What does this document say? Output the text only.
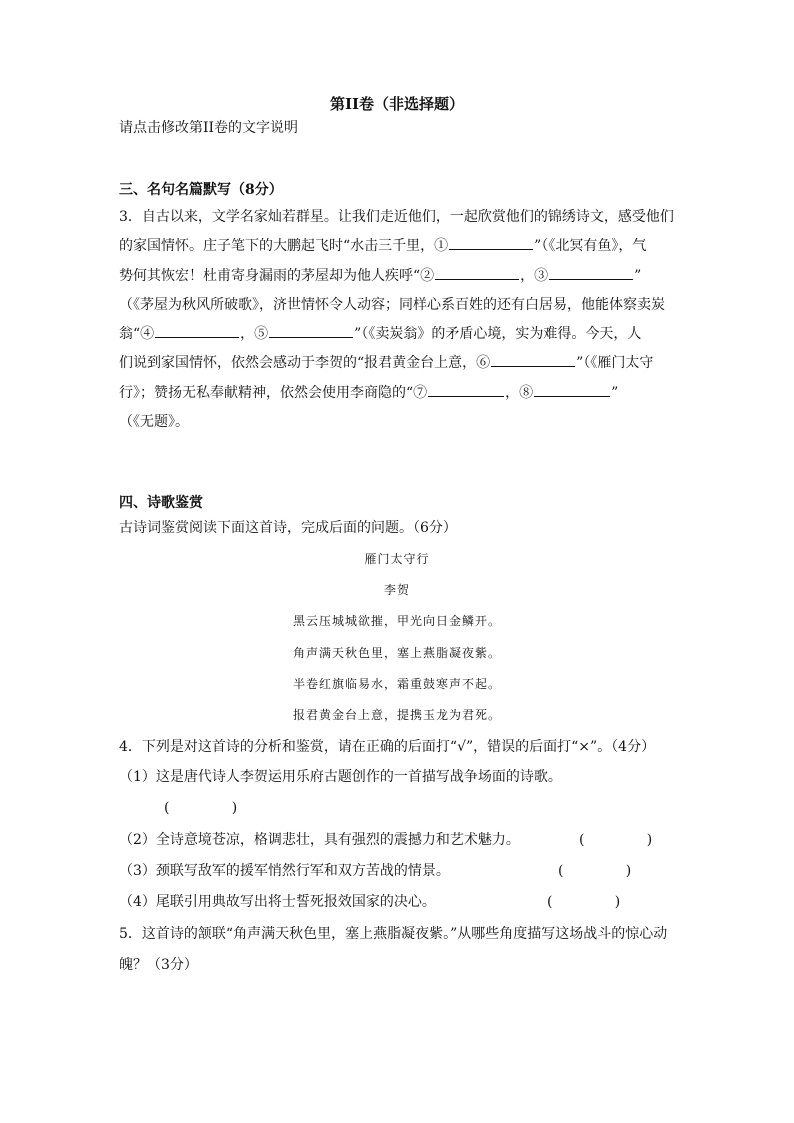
第II卷（非选择题）
请点击修改第II卷的文字说明
三、名句名篇默写（8分）
3．自古以来，文学名家灿若群星。让我们走近他们，一起欣赏他们的锦绣诗文，感受他们
的家国情怀。庄子笔下的大鹏起飞时“水击三千里，①	”（《北冥有鱼》，气
势何其恢宏！杜甫寄身漏雨的茅屋却为他人疾呼“②	，③	”
（《茅屋为秋风所破歌》，济世情怀令人动容；同样心系百姓的还有白居易，他能体察卖炭
翁“④	，⑤	”（《卖炭翁》的矛盾心境，实为难得。今天，人
们说到家国情怀，依然会感动于李贺的“报君黄金台上意，⑥	”（《雁门太守
行》；赞扬无私奉献精神，依然会使用李商隐的“⑦	，⑧	”
（《无题》。
四、诗歌鉴赏
古诗词鉴赏阅读下面这首诗，完成后面的问题。（6分）
雁门太守行
李贺
黑云压城城欲摧，甲光向日金鳞开。
角声满天秋色里，塞上燕脂凝夜紫。
半卷红旗临易水，霜重鼓寒声不起。
报君黄金台上意，提携玉龙为君死。
4．下列是对这首诗的分析和鉴赏，请在正确的后面打“√”，错误的后面打“×”。（4分）
（1）这是唐代诗人李贺运用乐府古题创作的一首描写战争场面的诗歌。
(              )
（2）全诗意境苍凉，格调悲壮，具有强烈的震撼力和艺术魅力。	(              )
（3）颈联写敌军的援军悄然行军和双方苦战的情景。	(              )
（4）尾联引用典故写出将士誓死报效国家的决心。	(              )
5．这首诗的颔联“角声满天秋色里，塞上燕脂凝夜紫。”从哪些角度描写这场战斗的惊心动
魄？（3分）
